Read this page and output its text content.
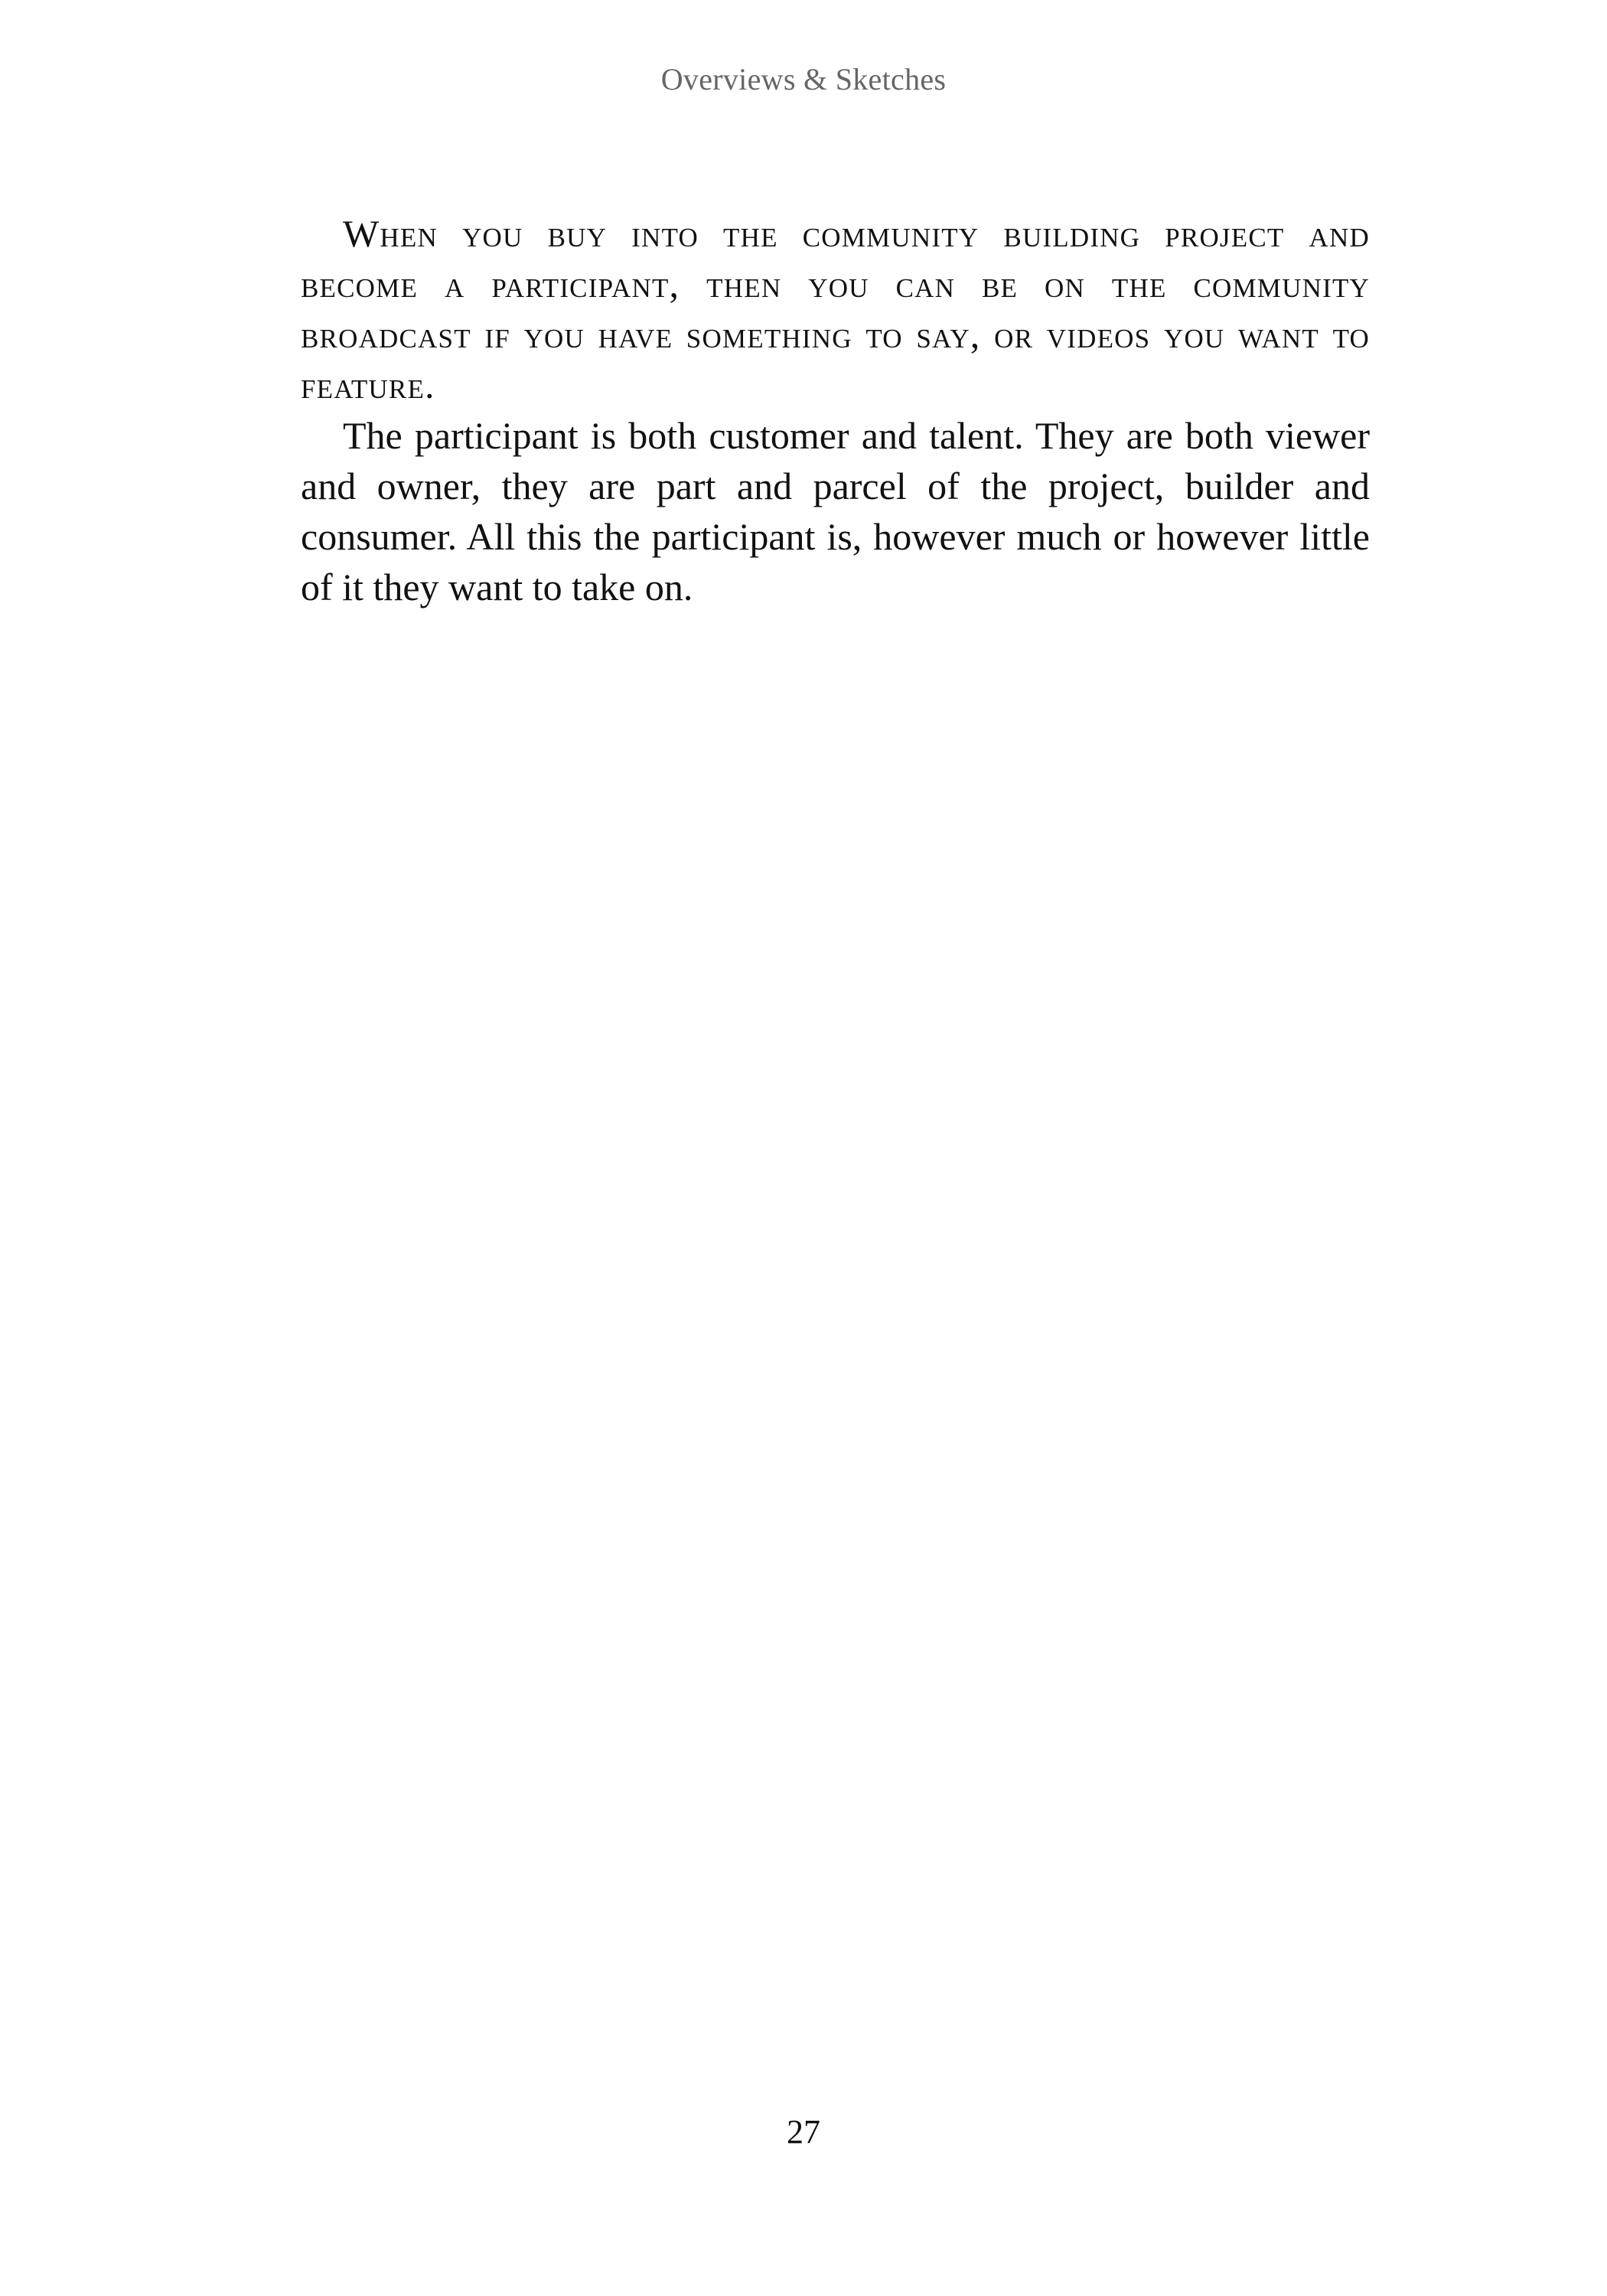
Overviews & Sketches

When you buy into the community building project and become a participant, then you can be on the community broadcast if you have something to say, or videos you want to feature.

The participant is both customer and talent. They are both viewer and owner, they are part and parcel of the project, builder and consumer. All this the participant is, however much or however little of it they want to take on.

27
